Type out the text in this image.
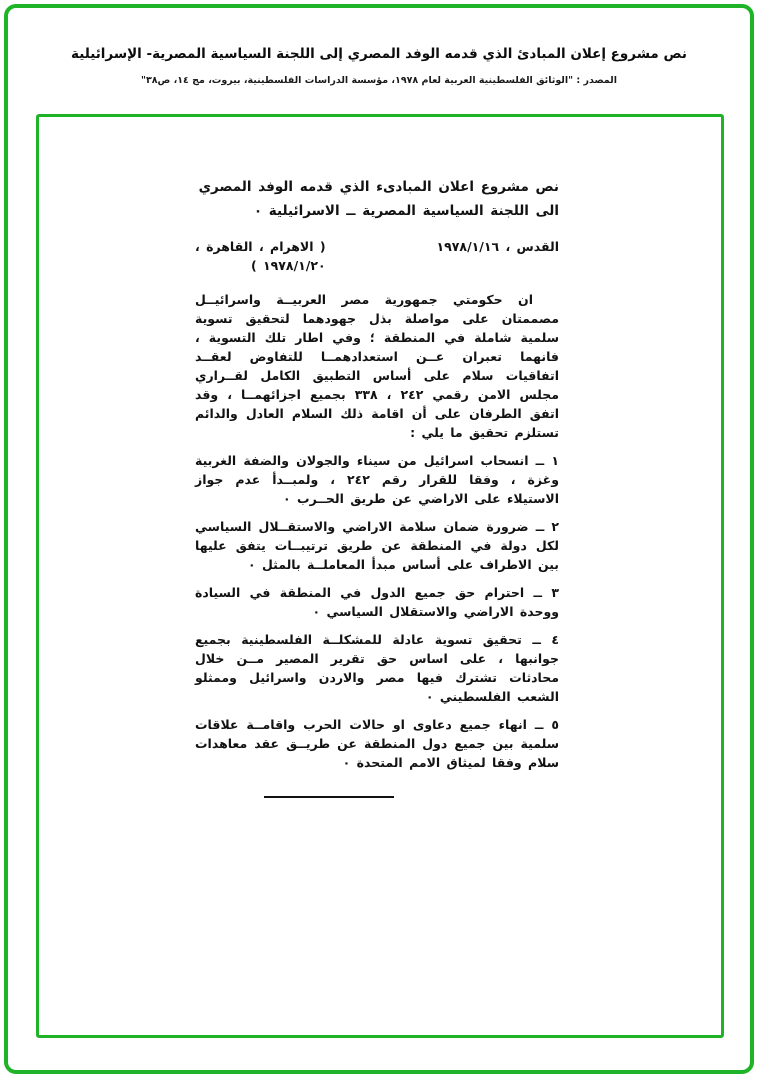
نص مشروع إعلان المبادئ الذي قدمه الوفد المصري إلى اللجنة السياسية المصرية- الإسرائيلية
المصدر : "الوثائق الفلسطينية العربية لعام ١٩٧٨، مؤسسة الدراسات الفلسطينية، بيروت، مج ١٤، ص٣٨"
نص مشروع اعلان المبادىء الذي قدمه الوفد المصري
الى اللجنة السياسية المصرية ــ الاسرائيلية ٠
القدس ، ١٩٧٨/١/١٦
( الاهرام ، القاهرة ،
١٩٧٨/١/٢٠ )

ان حكومتي جمهورية مصر العربيــة واسرائيــل مصممتان على مواصلة بذل جهودهما لتحقيق تسوية سلمية شاملة في المنطقة ؛ وفي اطار تلك التسوية ، فانهما تعبران عــن استعدادهمــا للتفاوض لعقــد اتفاقيات سلام على أساس التطبيق الكامل لقــراري مجلس الامن رقمي ٢٤٢ ، ٣٣٨ بجميع اجزائهمــا ، وقد اتفق الطرفان على أن اقامة ذلك السلام العادل والدائم تستلزم تحقيق ما يلي :

١ ــ انسحاب اسرائيل من سيناء والجولان والضفة الغربية وغزة ، وفقا للقرار رقم ٢٤٢ ، ولمبــدأ عدم جواز الاستيلاء على الاراضي عن طريق الحــرب ٠

٢ ــ ضرورة ضمان سلامة الاراضي والاستقــلال السياسي لكل دولة في المنطقة عن طريق ترتيبــات يتفق عليها بين الاطراف على أساس مبدأ المعاملــة بالمثل ٠

٣ ــ احترام حق جميع الدول في المنطقة في السيادة ووحدة الاراضي والاستقلال السياسي ٠

٤ ــ تحقيق تسوية عادلة للمشكلــة الفلسطينية بجميع جوانبها ، على اساس حق تقرير المصير مــن خلال محادثات تشترك فيها مصر والاردن واسرائيل وممثلو الشعب الفلسطيني ٠

٥ ــ انهاء جميع دعاوى او حالات الحرب واقامــة علاقات سلمية بين جميع دول المنطقة عن طريــق عقد معاهدات سلام وفقا لميثاق الامم المتحدة ٠
